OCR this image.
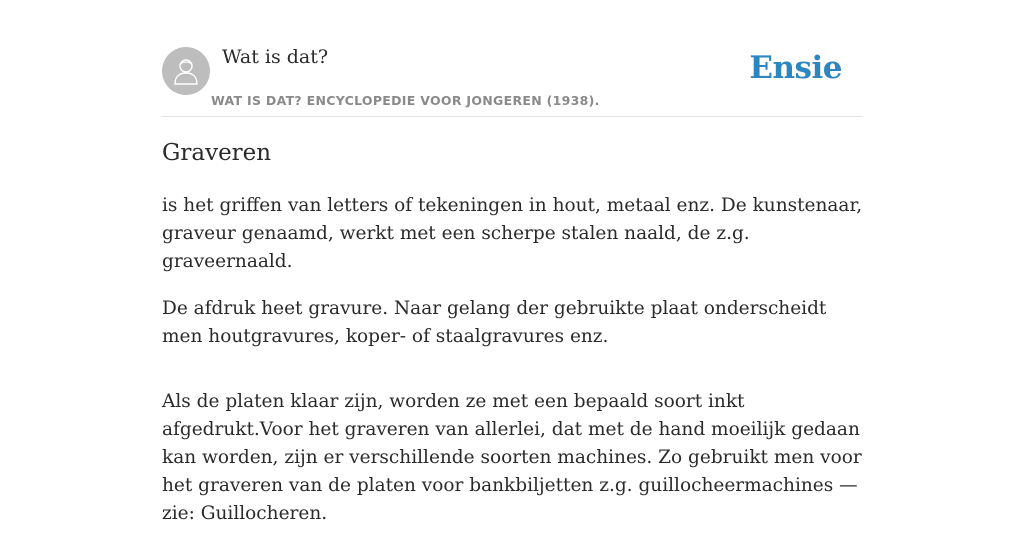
Wat is dat?
WAT IS DAT? ENCYCLOPEDIE VOOR JONGEREN (1938).
Ensie
Graveren

is het griffen van letters of tekeningen in hout, metaal enz. De kunstenaar, graveur genaamd, werkt met een scherpe stalen naald, de z.g. graveernaald.

De afdruk heet gravure. Naar gelang der gebruikte plaat onderscheidt men houtgravures, koper- of staalgravures enz.

Als de platen klaar zijn, worden ze met een bepaald soort inkt afgedrukt.Voor het graveren van allerlei, dat met de hand moeilijk gedaan kan worden, zijn er verschillende soorten machines. Zo gebruikt men voor het graveren van de platen voor bankbiljetten z.g. guillocheermachines — zie: Guillocheren.
